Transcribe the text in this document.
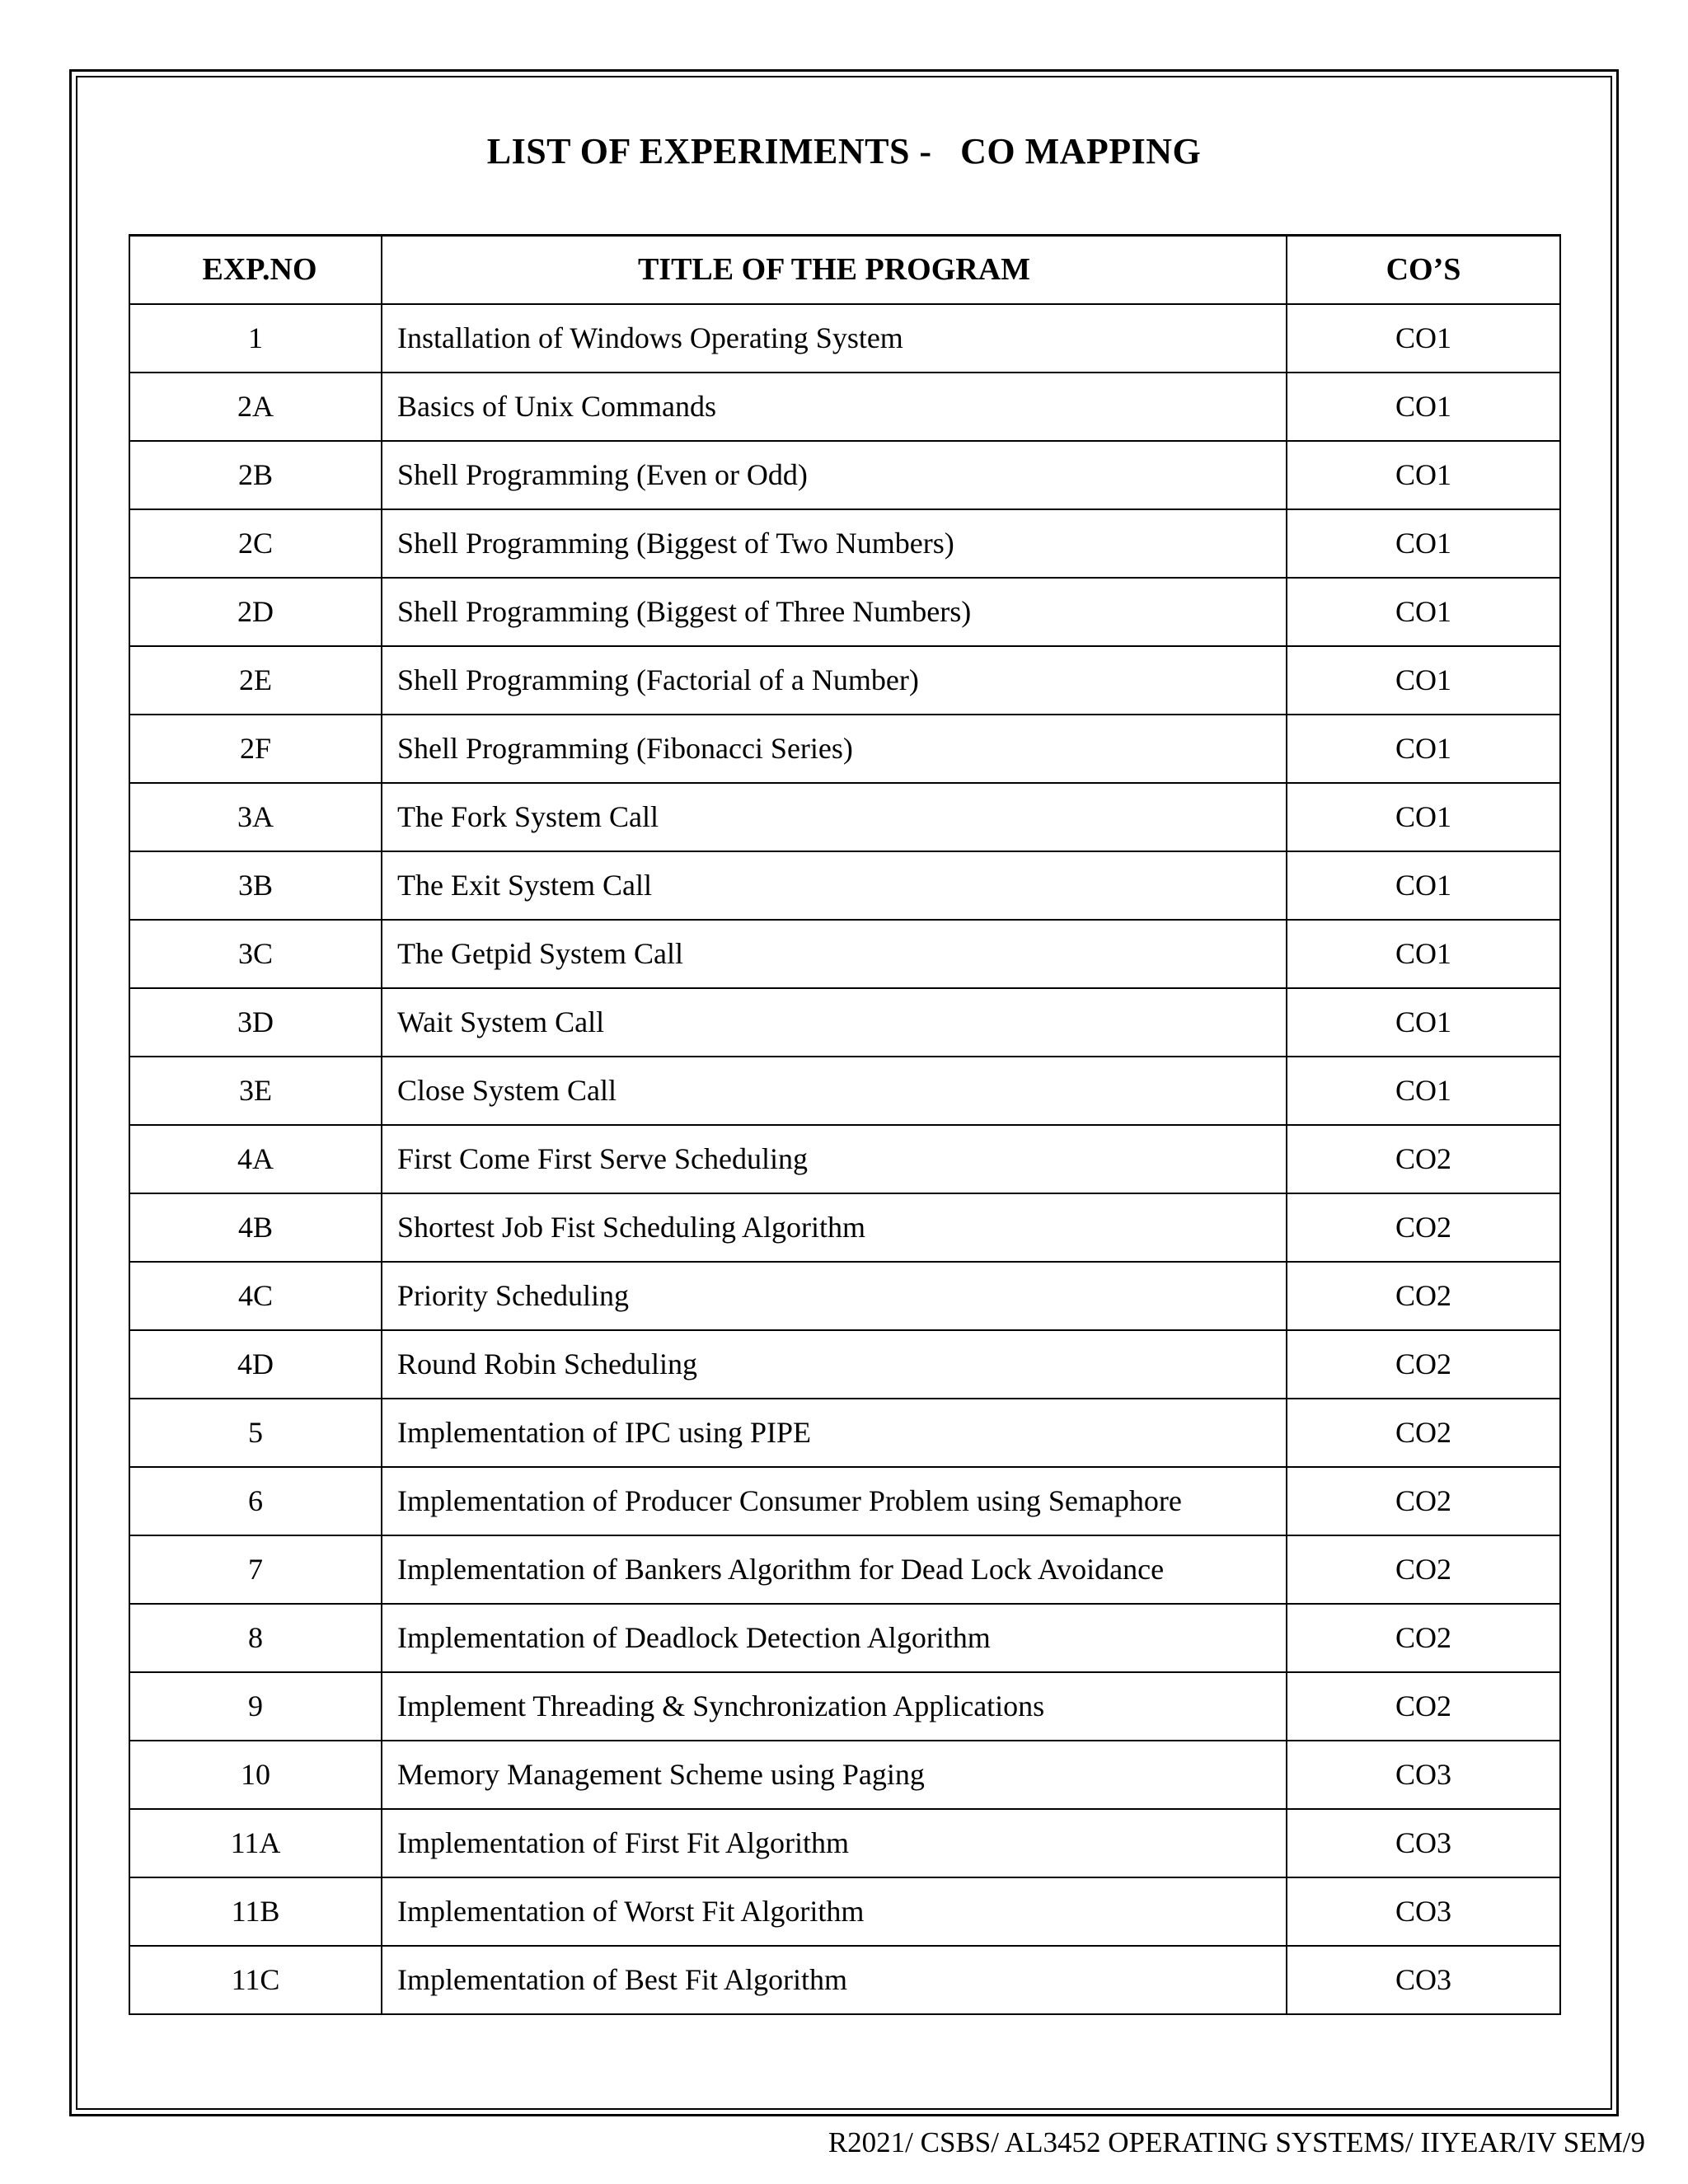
LIST OF EXPERIMENTS -   CO MAPPING
EXP.NO	TITLE OF THE PROGRAM	CO’S
1	Installation of Windows Operating System	CO1
2A	Basics of Unix Commands	CO1
2B	Shell Programming (Even or Odd)	CO1
2C	Shell Programming (Biggest of Two Numbers)	CO1
2D	Shell Programming (Biggest of Three Numbers)	CO1
2E	Shell Programming (Factorial of a Number)	CO1
2F	Shell Programming (Fibonacci Series)	CO1
3A	The Fork System Call	CO1
3B	The Exit System Call	CO1
3C	The Getpid System Call	CO1
3D	Wait System Call	CO1
3E	Close System Call	CO1
4A	First Come First Serve Scheduling	CO2
4B	Shortest Job Fist Scheduling Algorithm	CO2
4C	Priority Scheduling	CO2
4D	Round Robin Scheduling	CO2
5	Implementation of IPC using PIPE	CO2
6	Implementation of Producer Consumer Problem using Semaphore	CO2
7	Implementation of Bankers Algorithm for Dead Lock Avoidance	CO2
8	Implementation of Deadlock Detection Algorithm	CO2
9	Implement Threading & Synchronization Applications	CO2
10	Memory Management Scheme using Paging	CO3
11A	Implementation of First Fit Algorithm	CO3
11B	Implementation of Worst Fit Algorithm	CO3
11C	Implementation of Best Fit Algorithm	CO3
R2021/ CSBS/ AL3452 OPERATING SYSTEMS/ IIYEAR/IV SEM/9
